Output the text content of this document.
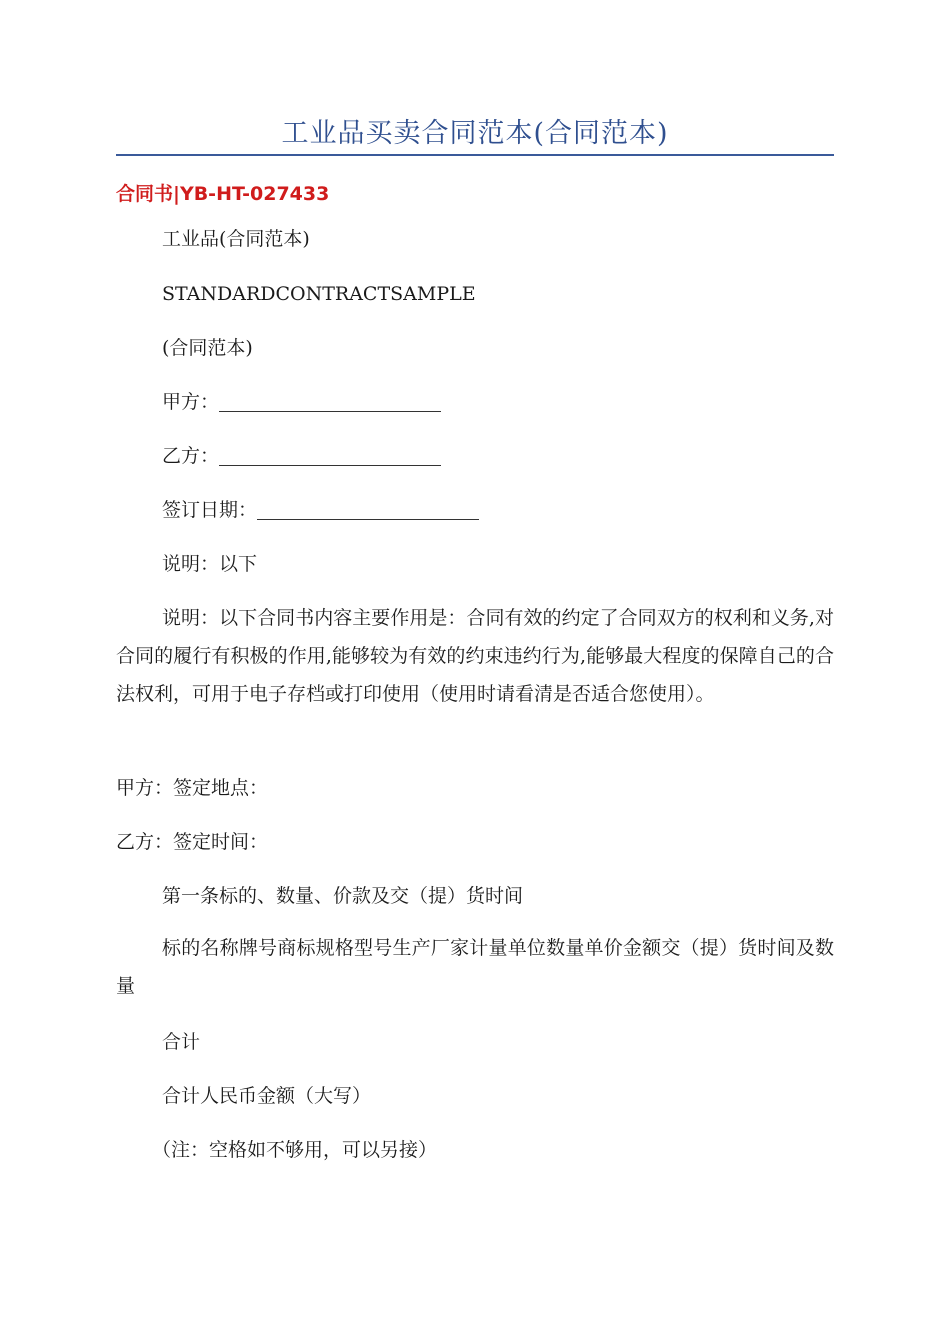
工业品买卖合同范本(合同范本)
合同书|YB-HT-027433
工业品(合同范本)
STANDARDCONTRACTSAMPLE
(合同范本)
甲方：
乙方：
签订日期：
说明：以下
说明：以下合同书内容主要作用是：合同有效的约定了合同双方的权利和义务,对合同的履行有积极的作用,能够较为有效的约束违约行为,能够最大程度的保障自己的合法权利，可用于电子存档或打印使用（使用时请看清是否适合您使用）。
甲方：签定地点：
乙方：签定时间：
第一条标的、数量、价款及交（提）货时间
标的名称牌号商标规格型号生产厂家计量单位数量单价金额交（提）货时间及数量
合计
合计人民币金额（大写）
（注：空格如不够用，可以另接）
